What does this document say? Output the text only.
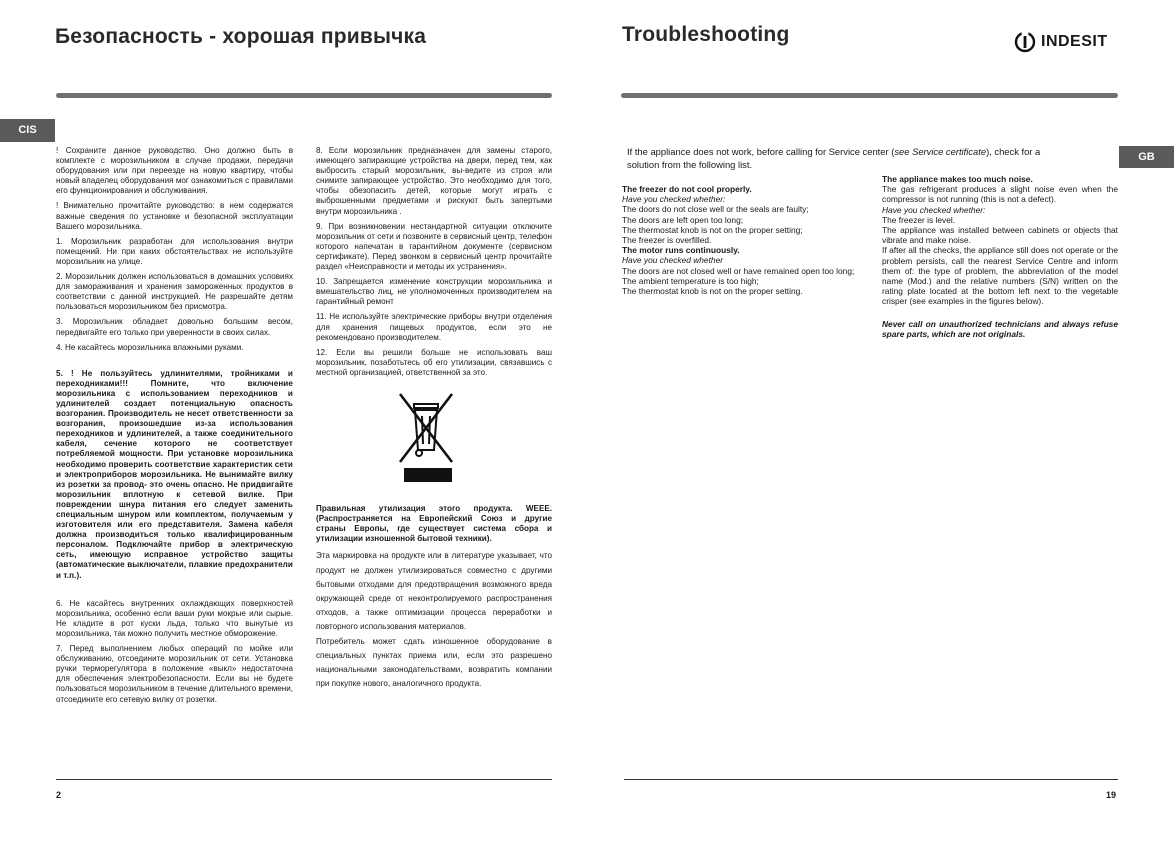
Безопасность - хорошая привычка
CIS

! Сохраните данное руководство. Оно должно быть в комплекте с морозильником в случае продажи, передачи оборудования или при переезде на новую квартиру, чтобы новый владелец оборудования мог ознакомиться с правилами его функционирования и обслуживания.

! Внимательно прочитайте руководство: в нем содержатся важные сведения по установке и безопасной эксплуатации Вашего морозильника.

1. Морозильник разработан для использования внутри помещений. Ни при каких обстоятельствах не используйте морозильник на улице.

2. Морозильник должен использоваться в домашних условиях для замораживания и хранения замороженных продуктов в соответствии с данной инструкцией. Не разрешайте детям пользоваться морозильником без присмотра.

3. Морозильник обладает довольно большим весом, передвигайте его только при уверенности в своих силах.

4. Не касайтесь морозильника влажными руками.

5. ! Не пользуйтесь удлинителями, тройниками и переходниками!!! Помните, что включение морозильника с использованием переходников и удлинителей создает потенциальную опасность возгорания. Производитель не несет ответственности за возгорания, произошедшие из-за использования переходников и удлинителей, а также соединительного кабеля, сечение которого не соответствует потребляемой мощности. При установке морозильника необходимо проверить соответствие характеристик сети и электроприборов морозильника. Не вынимайте вилку из розетки за провод- это очень опасно. Не придвигайте морозильник вплотную к сетевой вилке. При повреждении шнура питания его следует заменить специальным шнуром или комплектом, получаемым у изготовителя или его представителя. Замена кабеля должна производиться только квалифицированным персоналом. Подключайте прибор в электрическую сеть, имеющую исправное устройство защиты (автоматические выключатели, плавкие предохранители и т.п.).

6. Не касайтесь внутренних охлаждающих поверхностей морозильника, особенно если ваши руки мокрые или сырые. Не кладите в рот куски льда, только что вынутые из морозильника, так можно получить местное обморожение.

7. Перед выполнением любых операций по мойке или обслуживанию, отсоедините морозильник от сети. Установка ручки терморегулятора в положение «выкл» недостаточна для обеспечения электробезопасности. Если вы не будете пользоваться морозильником в течение длительного времени, отсоедините его сетевую вилку от розетки.

8. Если морозильник предназначен для замены старого, имеющего запирающие устройства на двери, перед тем, как выбросить старый морозильник, вы-ведите из строя или снимите запирающее устройство. Это необходимо для того, чтобы обезопасить детей, которые могут играть с выброшенными предметами и рискуют быть запертыми внутри морозильника .

9. При возникновении нестандартной ситуации отключите морозильник от сети и позвоните в сервисный центр, телефон которого напечатан в гарантийном документе (сервисном сертификате). Перед звонком в сервисный центр прочитайте раздел «Неисправности и методы их устранения».

10. Запрещается изменение конструкции морозильника и вмешательство лиц, не уполномоченных производителем на гарантийный ремонт

11. Не используйте электрические приборы внутри отделения для хранения пищевых продуктов, если это не рекомендовано производителем.

12. Если вы решили больше не использовать ваш морозильник, позаботьтесь об его утилизации, связавшись с местной организацией, ответственной за это.

Правильная утилизация этого продукта. WEEE. (Распространяется на Европейский Союз и другие страны Европы, где существует система сбора и утилизации изношенной бытовой техники).

Эта маркировка на продукте или в литературе указывает, что продукт не должен утилизироваться совместно с другими бытовыми отходами для предотвращения возможного вреда окружающей среде от неконтролируемого распространения отходов, а также оптимизации процесса переработки и повторного использования материалов.

Потребитель может сдать изношенное оборудование в специальных пунктах приема или, если это разрешено национальными законодательствами, возвратить компании при покупке нового, аналогичного продукта.

2
Troubleshooting	INDESIT
GB
If the appliance does not work, before calling for Service center (see Service certificate), check for a solution from the following list.

The freezer do not cool properly.

Have you checked whether:

The doors do not close well or the seals are faulty;

The doors are left open too long;

The thermostat knob is not on the proper setting;

The freezer is overfilled.

The motor runs continuously.

Have you checked whether

The doors are not closed well or have remained open too long;

The ambient temperature is too high;

The thermostat knob is not on the proper setting.

The appliance makes too much noise.

The gas refrigerant produces a slight noise even when the compressor is not running (this is not a defect).

Have you checked whether:

The freezer is level.

The appliance was installed between cabinets or objects that vibrate and make noise.

If after all the checks, the appliance still does not operate or the problem persists, call the nearest Service Centre and inform them of: the type of problem, the abbreviation of the model name (Mod.) and the relative numbers (S/N) written on the rating plate located at the bottom left next to the vegetable crisper (see examples in the figures below).

Never call on unauthorized technicians and always refuse spare parts, which are not originals.

19
